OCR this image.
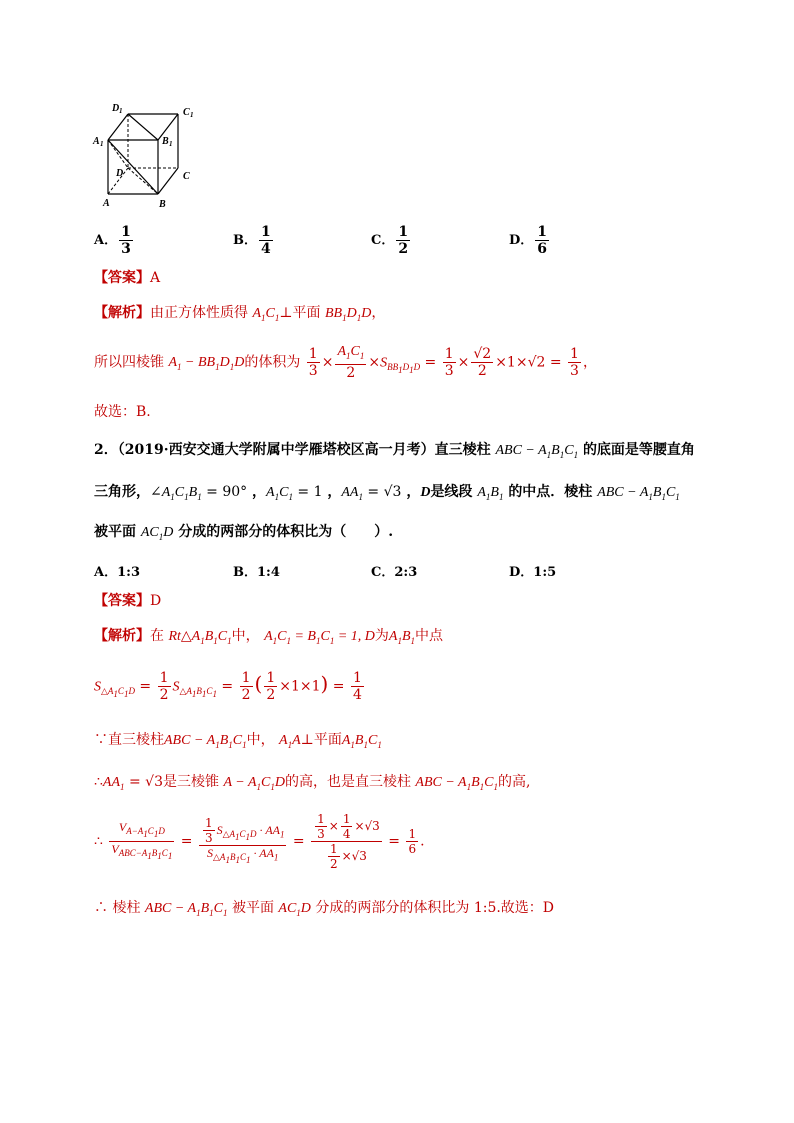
D 1	C 1
A 1	B 1
D	C
A	B
A． $\frac{1}{3}$	B． $\frac{1}{4}$	C． $\frac{1}{2}$	D． $\frac{1}{6}$
【答案】A
【解析】由正方体性质得 $A_1C_1\perp$平面 $BB_1D_1D$，
所以四棱锥 $A_1 - BB_1D_1D$的体积为 $\frac{1}{3} \times \frac{A_1C_1}{2} \times S_{BB_1D_1D} = \frac{1}{3} \times \frac{√2}{2} \times 1\times√2 = \frac{1}{3}$ ，
故选：B.
2．（2019·西安交通大学附属中学雁塔校区高一月考）直三棱柱 ABC − $A_1B_1C_1$ 的底面是等腰直角
三角形，$\angle A_1C_1B_1 = 90^\circ$ ，$A_1C_1 = 1$ ，$AA_1 = √3$ ，D是线段 $A_1B_1$ 的中点．棱柱 ABC − $A_1B_1C_1$
被平面 $AC_1D$ 分成的两部分的体积比为（　　）.
A．1:3	B．1:4	C．2:3	D．1:5
【答案】D
【解析】在 $Rt\triangle A_1B_1C_1$中， $A_1C_1 = B_1C_1 = 1$, D为$A_1B_1$中点
$S_{\triangle A_1C_1D} = \frac{1}{2} S_{\triangle A_1B_1C_1} = \frac{1}{2}$ ( $\frac{1}{2} \times 1\times 1) = \frac{1}{4}$
∵直三棱柱ABC − $A_1B_1C_1$中， $A_1A\perp$平面$A_1B_1C_1$
$\therefore AA_1 = √3$是三棱锥 $A - A_1C_1D$的高，也是直三棱柱 ABC − $A_1B_1C_1$的高,
∴ $\frac{V_{A-A_1C_1D}}{V_{ABC-A_1B_1C_1}} = \frac{\frac{1}{3} S_{\triangle A_1C_1D} \cdot AA_1}{S_{\triangle A_1B_1C_1} \cdot AA_1} = \frac{\frac{1}{3} \times \frac{1}{4} \times√3}{\frac{1}{2} \times√3} = \frac{1}{6}$ .
∴ 棱柱 ABC − $A_1B_1C_1$ 被平面 $AC_1D$ 分成的两部分的体积比为 1:5.故选：D
